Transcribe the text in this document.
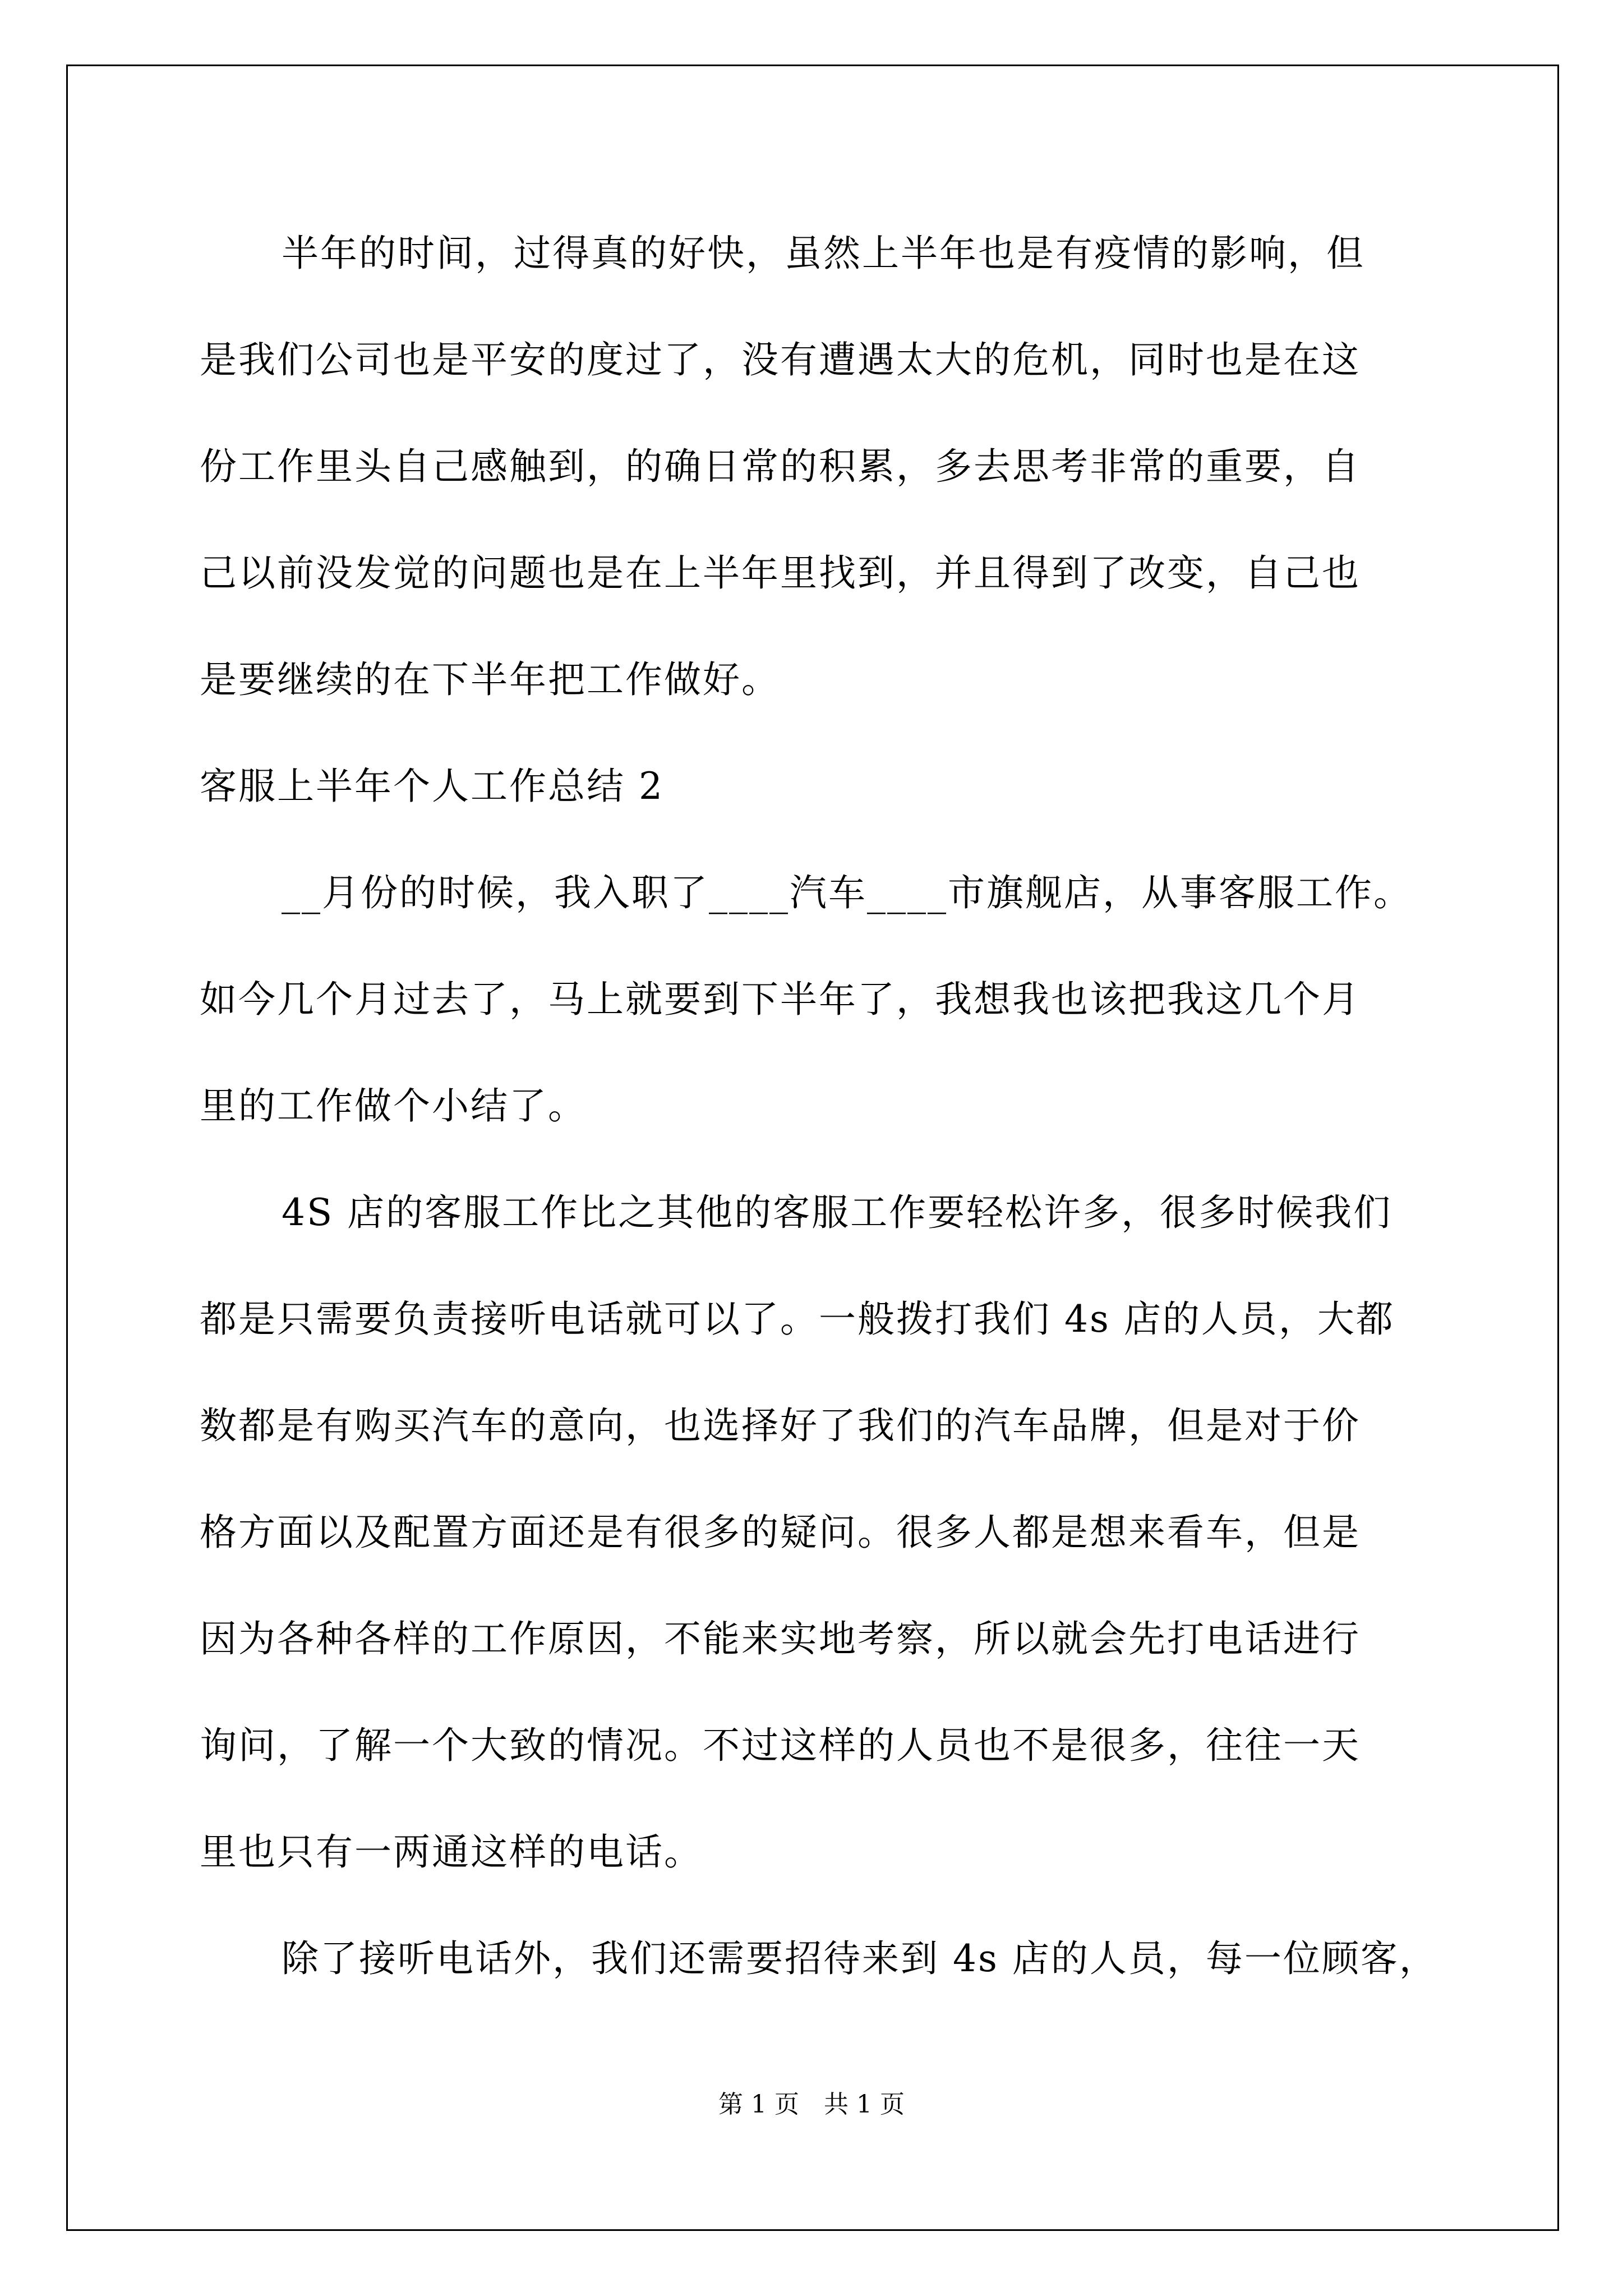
半年的时间，过得真的好快，虽然上半年也是有疫情的影响，但
是我们公司也是平安的度过了，没有遭遇太大的危机，同时也是在这
份工作里头自己感触到，的确日常的积累，多去思考非常的重要，自
己以前没发觉的问题也是在上半年里找到，并且得到了改变，自己也
是要继续的在下半年把工作做好。
客服上半年个人工作总结 2
__月份的时候，我入职了____汽车____市旗舰店，从事客服工作。
如今几个月过去了，马上就要到下半年了，我想我也该把我这几个月
里的工作做个小结了。
4S 店的客服工作比之其他的客服工作要轻松许多，很多时候我们
都是只需要负责接听电话就可以了。一般拨打我们 4s 店的人员，大都
数都是有购买汽车的意向，也选择好了我们的汽车品牌，但是对于价
格方面以及配置方面还是有很多的疑问。很多人都是想来看车，但是
因为各种各样的工作原因，不能来实地考察，所以就会先打电话进行
询问，了解一个大致的情况。不过这样的人员也不是很多，往往一天
里也只有一两通这样的电话。
除了接听电话外，我们还需要招待来到 4s 店的人员，每一位顾客，
第 1 页 共 1 页
